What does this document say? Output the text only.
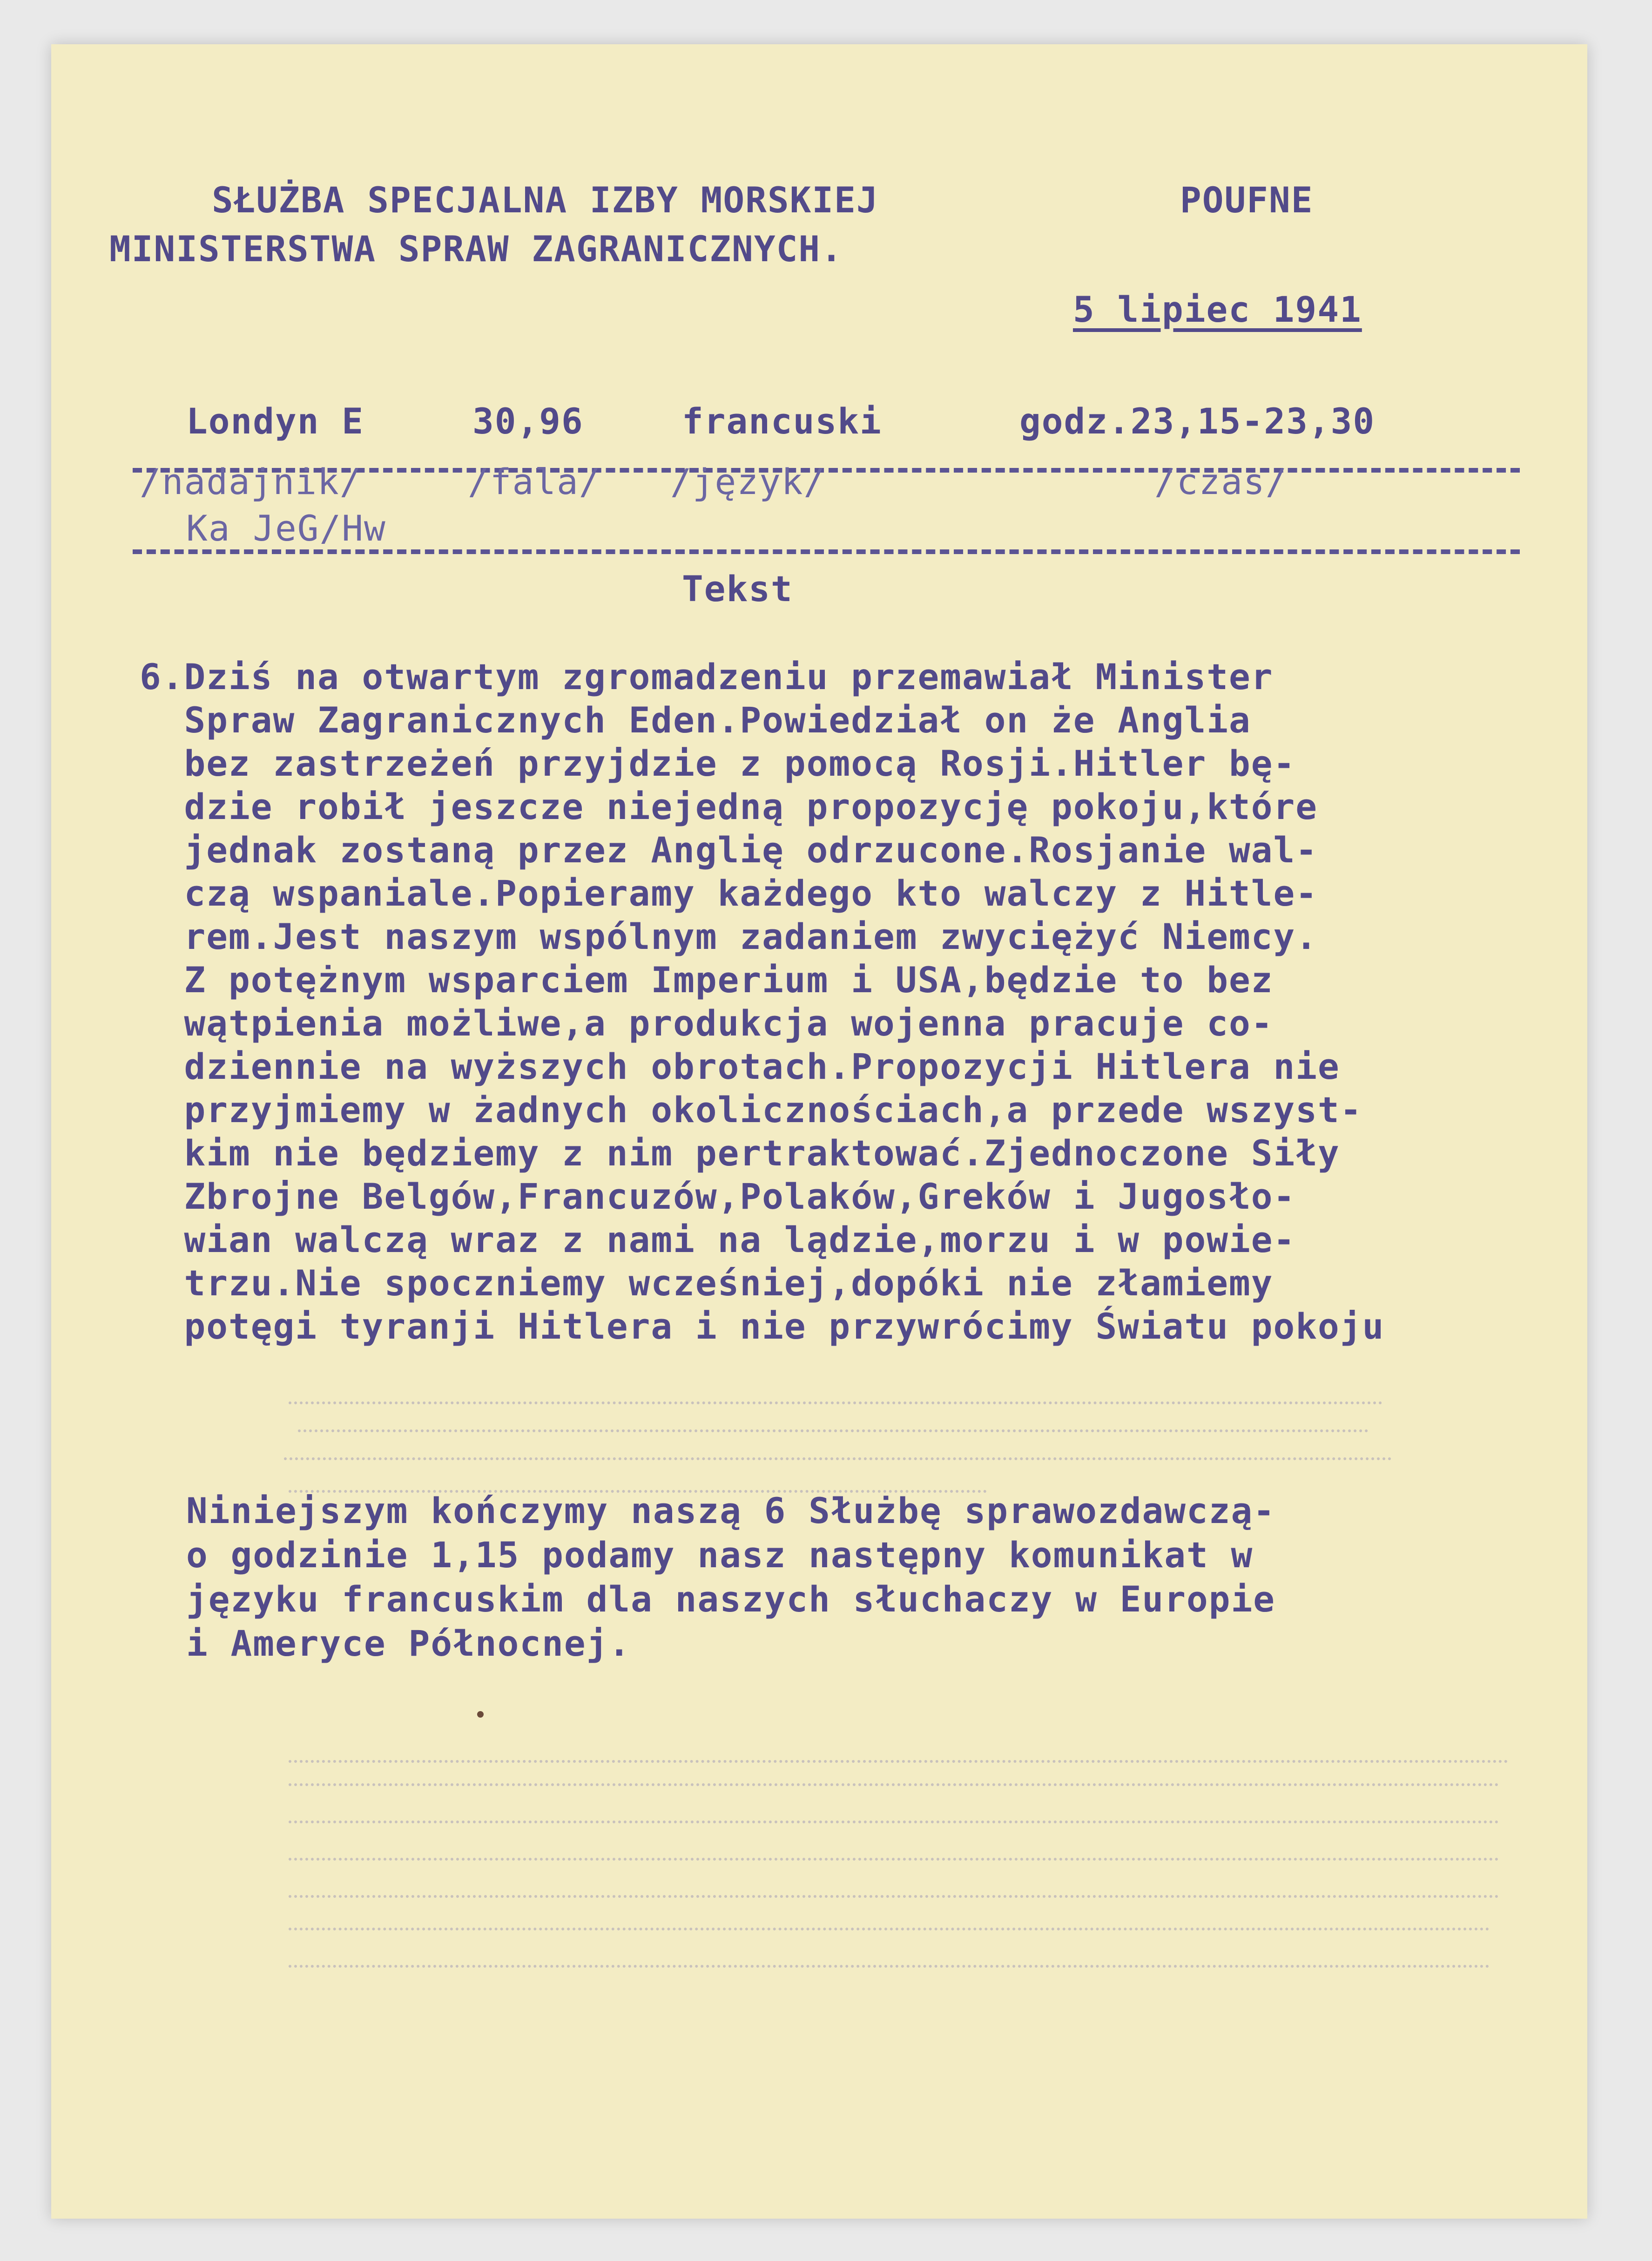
SŁUŻBA SPECJALNA IZBY MORSKIEJ

MINISTERSTWA SPRAW ZAGRANICZNYCH.

POUFNE

5 lipiec 1941

Londyn E	30,96	francuski	godz.23,15-23,30

/nadajnik/	/fala/ /język/	/czas/

Ka JeG/Hw

Tekst

6.Dziś na otwartym zgromadzeniu przemawiał Minister

Spraw Zagranicznych Eden.Powiedział on że Anglia

bez zastrzeżeń przyjdzie z pomocą Rosji.Hitler bę-

dzie robił jeszcze niejedną propozycję pokoju,które

jednak zostaną przez Anglię odrzucone.Rosjanie wal-

czą wspaniale.Popieramy każdego kto walczy z Hitle-

rem.Jest naszym wspólnym zadaniem zwyciężyć Niemcy.

Z potężnym wsparciem Imperium i USA,będzie to bez

wątpienia możliwe,a produkcja wojenna pracuje co-

dziennie na wyższych obrotach.Propozycji Hitlera nie

przyjmiemy w żadnych okolicznościach,a przede wszyst-

kim nie będziemy z nim pertraktować.Zjednoczone Siły

Zbrojne Belgów,Francuzów,Polaków,Greków i Jugosło-

wian walczą wraz z nami na lądzie,morzu i w powie-

trzu.Nie spoczniemy wcześniej,dopóki nie złamiemy

potęgi tyranji Hitlera i nie przywrócimy Światu pokoju

Niniejszym kończymy naszą 6 Służbę sprawozdawczą-

o godzinie 1,15 podamy nasz następny komunikat w

języku francuskim dla naszych słuchaczy w Europie

i Ameryce Północnej.
